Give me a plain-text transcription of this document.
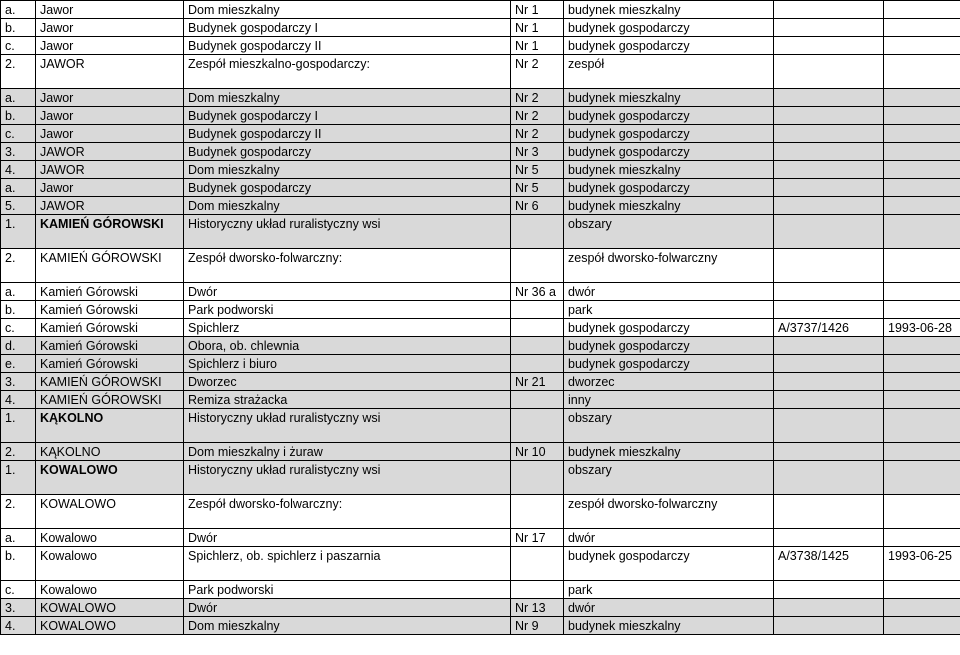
a.	Jawor	Dom mieszkalny	Nr 1	budynek mieszkalny		
b.	Jawor	Budynek gospodarczy I	Nr 1	budynek gospodarczy		
c.	Jawor	Budynek gospodarczy II	Nr 1	budynek gospodarczy		
2.	JAWOR	Zespół mieszkalno-gospodarczy:	Nr 2	zespół		
a.	Jawor	Dom mieszkalny	Nr 2	budynek mieszkalny		
b.	Jawor	Budynek gospodarczy I	Nr 2	budynek gospodarczy		
c.	Jawor	Budynek gospodarczy II	Nr 2	budynek gospodarczy		
3.	JAWOR	Budynek gospodarczy	Nr 3	budynek gospodarczy		
4.	JAWOR	Dom mieszkalny	Nr 5	budynek mieszkalny		
a.	Jawor	Budynek gospodarczy	Nr 5	budynek gospodarczy		
5.	JAWOR	Dom mieszkalny	Nr 6	budynek mieszkalny		
1.	KAMIEŃ GÓROWSKI	Historyczny układ ruralistyczny wsi		obszary		
2.	KAMIEŃ GÓROWSKI	Zespół dworsko-folwarczny:		zespół dworsko-folwarczny		
a.	Kamień Górowski	Dwór	Nr 36 a	dwór		
b.	Kamień Górowski	Park podworski		park		
c.	Kamień Górowski	Spichlerz		budynek gospodarczy	A/3737/1426	1993-06-28
d.	Kamień Górowski	Obora, ob. chlewnia		budynek gospodarczy		
e.	Kamień Górowski	Spichlerz i biuro		budynek gospodarczy		
3.	KAMIEŃ GÓROWSKI	Dworzec	Nr 21	dworzec		
4.	KAMIEŃ GÓROWSKI	Remiza strażacka		inny		
1.	KĄKOLNO	Historyczny układ ruralistyczny wsi		obszary		
2.	KĄKOLNO	Dom mieszkalny i żuraw	Nr 10	budynek mieszkalny		
1.	KOWALOWO	Historyczny układ ruralistyczny wsi		obszary		
2.	KOWALOWO	Zespół dworsko-folwarczny:		zespół dworsko-folwarczny		
a.	Kowalowo	Dwór	Nr 17	dwór		
b.	Kowalowo	Spichlerz, ob. spichlerz i paszarnia		budynek gospodarczy	A/3738/1425	1993-06-25
c.	Kowalowo	Park podworski		park		
3.	KOWALOWO	Dwór	Nr 13	dwór		
4.	KOWALOWO	Dom mieszkalny	Nr 9	budynek mieszkalny		
